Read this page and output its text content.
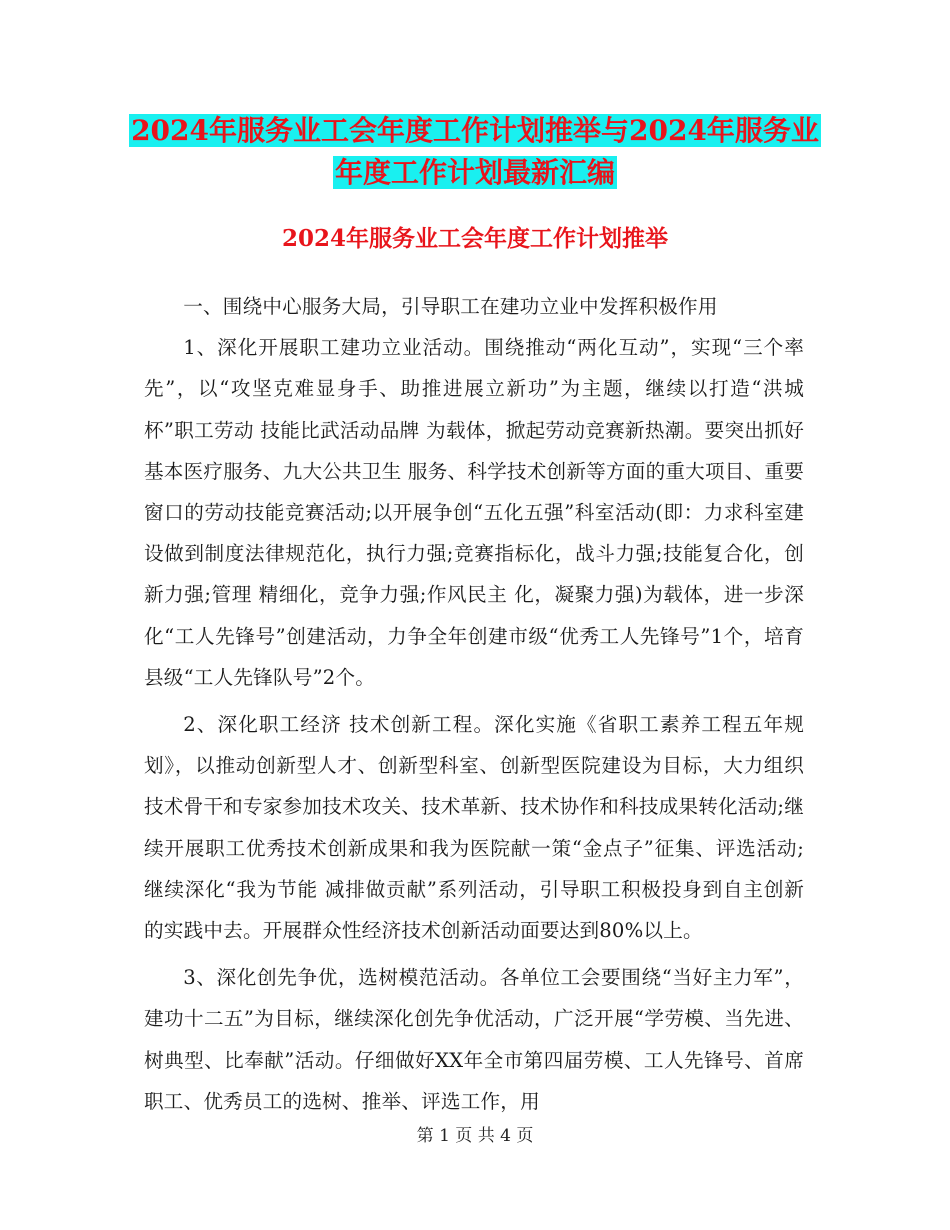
2024年服务业工会年度工作计划推举与2024年服务业
年度工作计划最新汇编
2024年服务业工会年度工作计划推举

一、围绕中心服务大局，引导职工在建功立业中发挥积极作用

1、深化开展职工建功立业活动。围绕推动“两化互动”，实现“三个率先”，以“攻坚克难显身手、助推进展立新功”为主题，继续以打造“洪城杯”职工劳动 技能比武活动品牌 为载体，掀起劳动竞赛新热潮。要突出抓好基本医疗服务、九大公共卫生 服务、科学技术创新等方面的重大项目、重要窗口的劳动技能竞赛活动;以开展争创“五化五强”科室活动(即：力求科室建设做到制度法律规范化，执行力强;竞赛指标化，战斗力强;技能复合化，创新力强;管理 精细化，竞争力强;作风民主 化，凝聚力强)为载体，进一步深化“工人先锋号”创建活动，力争全年创建市级“优秀工人先锋号”1个，培育县级“工人先锋队号”2个。

2、深化职工经济 技术创新工程。深化实施《省职工素养工程五年规划》，以推动创新型人才、创新型科室、创新型医院建设为目标，大力组织技术骨干和专家参加技术攻关、技术革新、技术协作和科技成果转化活动;继续开展职工优秀技术创新成果和我为医院献一策“金点子”征集、评选活动;继续深化“我为节能 减排做贡献”系列活动，引导职工积极投身到自主创新的实践中去。开展群众性经济技术创新活动面要达到80%以上。

3、深化创先争优，选树模范活动。各单位工会要围绕“当好主力军”，建功十二五”为目标，继续深化创先争优活动，广泛开展“学劳模、当先进、树典型、比奉献”活动。仔细做好XX年全市第四届劳模、工人先锋号、首席职工、优秀员工的选树、推举、评选工作，用

第 1 页 共 4 页
